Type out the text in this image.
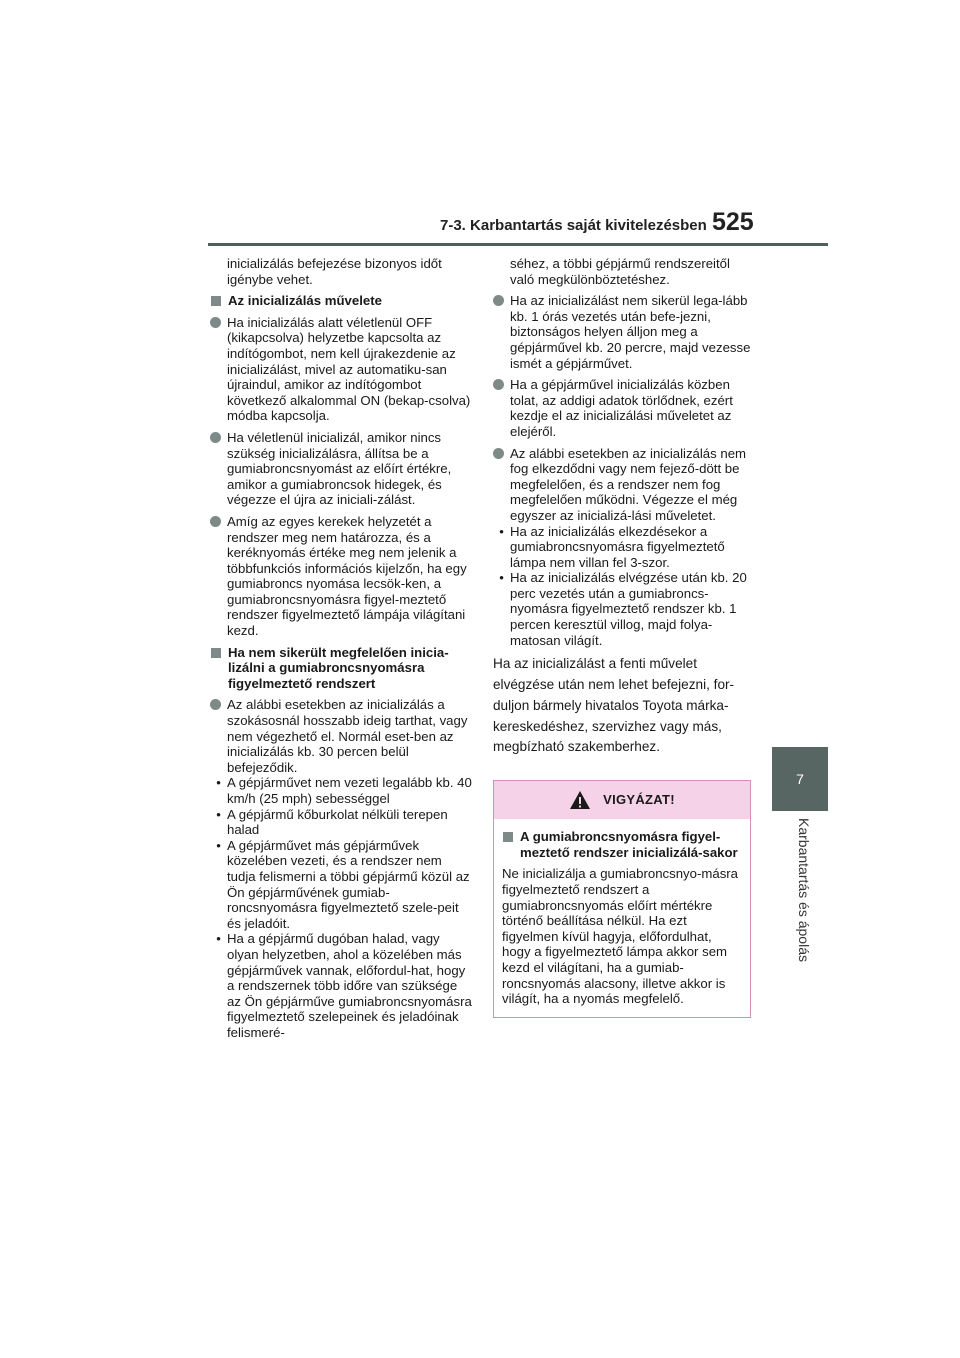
7-3. Karbantartás saját kivitelezésben 525
7
Karbantartás és ápolás

inicializálás befejezése bizonyos időt igénybe vehet.

Az inicializálás művelete
Ha inicializálás alatt véletlenül OFF (kikapcsolva) helyzetbe kapcsolta az indítógombot, nem kell újrakezdenie az inicializálást, mivel az automatiku-san újraindul, amikor az indítógombot következő alkalommal ON (bekap-csolva) módba kapcsolja.
Ha véletlenül inicializál, amikor nincs szükség inicializálásra, állítsa be a gumiabroncsnyomást az előírt értékre, amikor a gumiabroncsok hidegek, és végezze el újra az iniciali-zálást.
Amíg az egyes kerekek helyzetét a rendszer meg nem határozza, és a keréknyomás értéke meg nem jelenik a többfunkciós információs kijelzőn, ha egy gumiabroncs nyomása lecsök-ken, a gumiabroncsnyomásra figyel-meztető rendszer figyelmeztető lámpája világítani kezd.
Ha nem sikerült megfelelően inicia-lizálni a gumiabroncsnyomásra figyelmeztető rendszert
Az alábbi esetekben az inicializálás a szokásosnál hosszabb ideig tarthat, vagy nem végezhető el. Normál eset-ben az inicializálás kb. 30 percen belül befejeződik.
• A gépjárművet nem vezeti legalább kb. 40 km/h (25 mph) sebességgel
• A gépjármű kőburkolat nélküli terepen halad
• A gépjárművet más gépjárművek közelében vezeti, és a rendszer nem tudja felismerni a többi gépjármű közül az Ön gépjárművének gumiab-roncsnyomásra figyelmeztető szele-peit és jeladóit.
• Ha a gépjármű dugóban halad, vagy olyan helyzetben, ahol a közelében más gépjárművek vannak, előfordul-hat, hogy a rendszernek több időre van szüksége az Ön gépjárműve gumiabroncsnyomásra figyelmeztető szelepeinek és jeladóinak felismeré-

séhez, a többi gépjármű rendszereitől való megkülönböztetéshez.

Ha az inicializálást nem sikerül lega-lább kb. 1 órás vezetés után befe-jezni, biztonságos helyen álljon meg a gépjárművel kb. 20 percre, majd vezesse ismét a gépjárművet.
Ha a gépjárművel inicializálás közben tolat, az addigi adatok törlődnek, ezért kezdje el az inicializálási műveletet az elejéről.
Az alábbi esetekben az inicializálás nem fog elkezdődni vagy nem fejező-dött be megfelelően, és a rendszer nem fog megfelelően működni. Végezze el még egyszer az inicializá-lási műveletet.
• Ha az inicializálás elkezdésekor a gumiabroncsnyomásra figyelmeztető lámpa nem villan fel 3-szor.
• Ha az inicializálás elvégzése után kb. 20 perc vezetés után a gumiabroncs-nyomásra figyelmeztető rendszer kb. 1 percen keresztül villog, majd folya-matosan világít.

Ha az inicializálást a fenti művelet

elvégzése után nem lehet befejezni, for-

duljon bármely hivatalos Toyota márka-

kereskedéshez, szervizhez vagy más,

megbízható szakemberhez.

VIGYÁZAT!
A gumiabroncsnyomásra figyel-meztető rendszer inicializálá-sakor

Ne inicializálja a gumiabroncsnyo-másra figyelmeztető rendszert a gumiabroncsnyomás előírt mértékre történő beállítása nélkül. Ha ezt figyelmen kívül hagyja, előfordulhat, hogy a figyelmeztető lámpa akkor sem kezd el világítani, ha a gumiab-roncsnyomás alacsony, illetve akkor is világít, ha a nyomás megfelelő.
